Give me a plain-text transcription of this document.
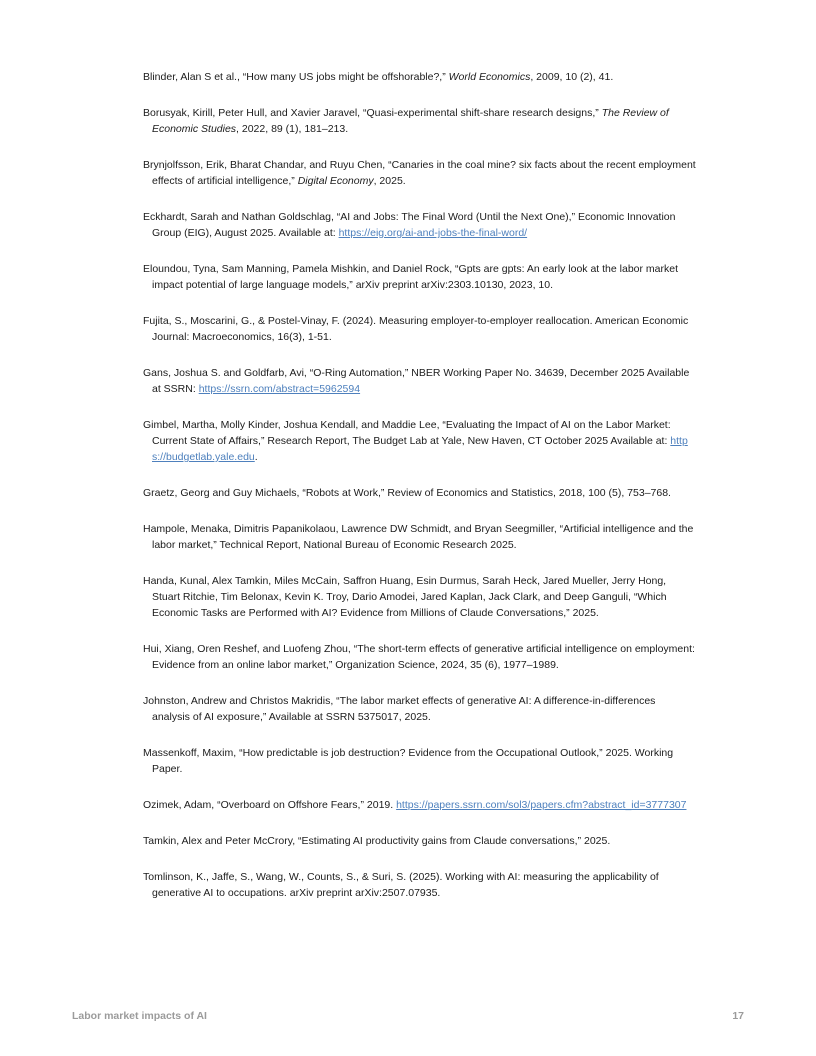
Blinder, Alan S et al., “How many US jobs might be offshorable?,” World Economics, 2009, 10 (2), 41.

Borusyak, Kirill, Peter Hull, and Xavier Jaravel, “Quasi-experimental shift-share research designs,” The Review of Economic Studies, 2022, 89 (1), 181–213.

Brynjolfsson, Erik, Bharat Chandar, and Ruyu Chen, “Canaries in the coal mine? six facts about the recent employment effects of artificial intelligence,” Digital Economy, 2025.

Eckhardt, Sarah and Nathan Goldschlag, “AI and Jobs: The Final Word (Until the Next One),” Economic Innovation Group (EIG), August 2025. Available at: https://eig.org/ai-and-jobs-the-final-word/

Eloundou, Tyna, Sam Manning, Pamela Mishkin, and Daniel Rock, “Gpts are gpts: An early look at the labor market impact potential of large language models,” arXiv preprint arXiv:2303.10130, 2023, 10.

Fujita, S., Moscarini, G., & Postel-Vinay, F. (2024). Measuring employer-to-employer reallocation. American Economic Journal: Macroeconomics, 16(3), 1-51.

Gans, Joshua S. and Goldfarb, Avi, “O-Ring Automation,” NBER Working Paper No. 34639, December 2025 Available at SSRN: https://ssrn.com/abstract=5962594

Gimbel, Martha, Molly Kinder, Joshua Kendall, and Maddie Lee, “Evaluating the Impact of AI on the Labor Market: Current State of Affairs,” Research Report, The Budget Lab at Yale, New Haven, CT October 2025 Available at: https://budgetlab.yale.edu.

Graetz, Georg and Guy Michaels, “Robots at Work,” Review of Economics and Statistics, 2018, 100 (5), 753–768.

Hampole, Menaka, Dimitris Papanikolaou, Lawrence DW Schmidt, and Bryan Seegmiller, “Artificial intelligence and the labor market,” Technical Report, National Bureau of Economic Research 2025.

Handa, Kunal, Alex Tamkin, Miles McCain, Saffron Huang, Esin Durmus, Sarah Heck, Jared Mueller, Jerry Hong, Stuart Ritchie, Tim Belonax, Kevin K. Troy, Dario Amodei, Jared Kaplan, Jack Clark, and Deep Ganguli, “Which Economic Tasks are Performed with AI? Evidence from Millions of Claude Conversations,” 2025.

Hui, Xiang, Oren Reshef, and Luofeng Zhou, “The short-term effects of generative artificial intelligence on employment: Evidence from an online labor market,” Organization Science, 2024, 35 (6), 1977–1989.

Johnston, Andrew and Christos Makridis, “The labor market effects of generative AI: A difference-in-differences analysis of AI exposure,” Available at SSRN 5375017, 2025.

Massenkoff, Maxim, “How predictable is job destruction? Evidence from the Occupational Outlook,” 2025. Working Paper.

Ozimek, Adam, “Overboard on Offshore Fears,” 2019. https://papers.ssrn.com/sol3/papers.cfm?abstract_id=3777307

Tamkin, Alex and Peter McCrory, “Estimating AI productivity gains from Claude conversations,” 2025.

Tomlinson, K., Jaffe, S., Wang, W., Counts, S., & Suri, S. (2025). Working with AI: measuring the applicability of generative AI to occupations. arXiv preprint arXiv:2507.07935.

Labor market impacts of AI	17
